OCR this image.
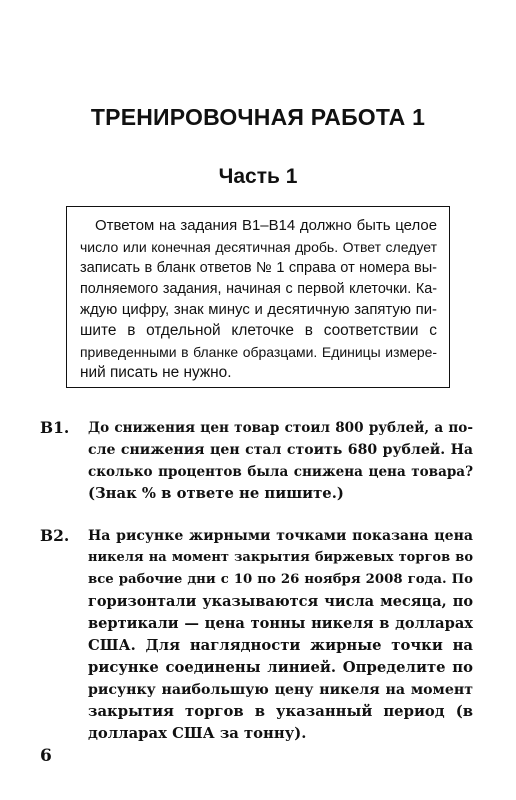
ТРЕНИРОВОЧНАЯ РАБОТА 1
Часть 1
Ответом на задания В1–В14 должно быть целое
число или конечная десятичная дробь. Ответ следует
записать в бланк ответов № 1 справа от номера вы-
полняемого задания, начиная с первой клеточки. Ка-
ждую цифру, знак минус и десятичную запятую пи-
шите в отдельной клеточке в соответствии с
приведенными в бланке образцами. Единицы измере-
ний писать не нужно.
В1. До снижения цен товар стоил 800 рублей, а по-
сле снижения цен стал стоить 680 рублей. На
сколько процентов была снижена цена товара?
(Знак % в ответе не пишите.)
В2. На рисунке жирными точками показана цена
никеля на момент закрытия биржевых торгов во
все рабочие дни с 10 по 26 ноября 2008 года. По
горизонтали указываются числа месяца, по
вертикали — цена тонны никеля в долларах
США. Для наглядности жирные точки на
рисунке соединены линией. Определите по
рисунку наибольшую цену никеля на момент
закрытия торгов в указанный период (в
долларах США за тонну).
6
